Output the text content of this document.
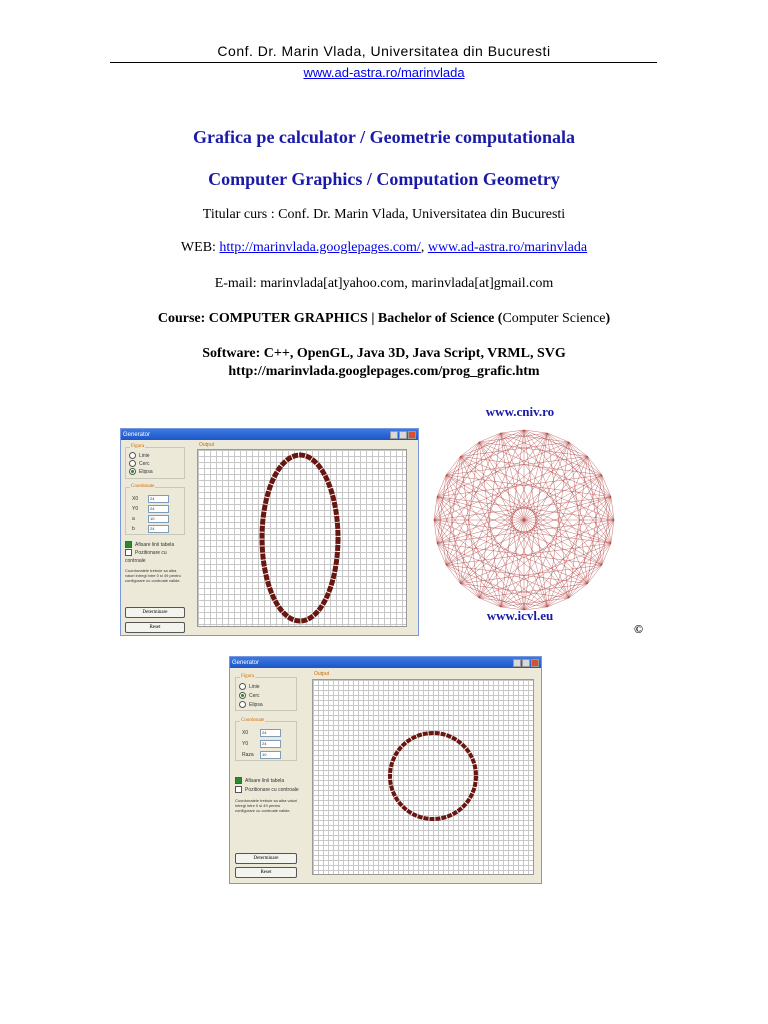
Conf. Dr. Marin Vlada, Universitatea din Bucuresti
www.ad-astra.ro/marinvlada
Grafica pe calculator / Geometrie computationala
Computer Graphics / Computation Geometry
Titular curs : Conf. Dr. Marin Vlada, Universitatea din Bucuresti
WEB: http://marinvlada.googlepages.com/, www.ad-astra.ro/marinvlada
E-mail: marinvlada[at]yahoo.com, marinvlada[at]gmail.com
Course: COMPUTER GRAPHICS | Bachelor of Science (Computer Science)
Software: C++, OpenGL, Java 3D, Java Script, VRML, SVG
http://marinvlada.googlepages.com/prog_grafic.htm
Generator
Figura
Linie
Cerc
Elipsa
Coordonate
X0	24
Y0	24
a	10
b	24
Afisare linii tabela
Pozitionare cu controale
Coordonatele trebuie sa aiba valori intregi intre 0 si 49 pentru configurare cu controale valide.
Determinare
Reset
Output
www.cniv.ro
www.icvl.eu
©
Generator
Figura
Linie
Cerc
Elipsa
Coordonate
X0	24
Y0	24
Raza 10
Afisare linii tabela
Pozitionare cu controale
Coordonatele trebuie sa aiba valori intregi intre 0 si 49 pentru configurare cu controale valide.
Determinare
Reset
Output
